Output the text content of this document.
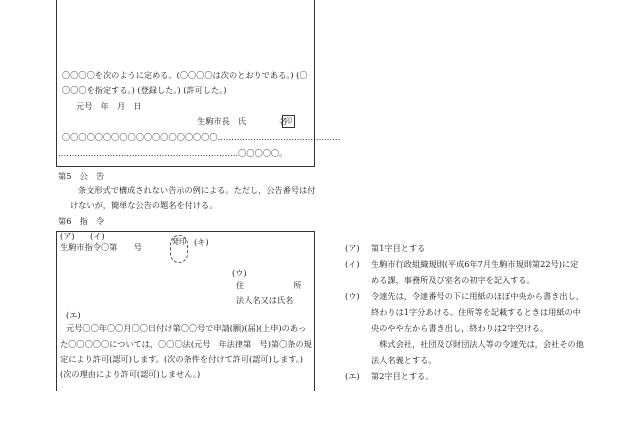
〇〇〇〇を次のように定める。(〇〇〇〇は次のとおりである。) (〇
〇〇〇を指定する。) (登録した。) (許可した。)
元号　年　月　日
生駒市長　氏　　　　名
印
〇〇〇〇〇〇〇〇〇〇〇〇〇〇〇〇〇〇〇………………………………………
…………………………………………………………〇〇〇〇〇。
第5　公　告
条文形式で構成されない告示の例による。ただし，公告番号は付
けないが，簡単な公告の題名を付ける。
第6　指　令
(ア) (イ)
生駒市指令〇第　　号
発印 (キ)
(ウ)
住　　　　　　所
法人名又は氏名
(エ)
元号〇〇年〇〇月〇〇日付け第〇〇号で申請(願)(届)(上申)のあっ
た〇〇〇〇〇については，〇〇〇法(元号　年法律第　号)第〇条の規
定により許可(認可)します。(次の条件を付けて許可(認可)します。)
(次の理由により許可(認可)しません。)
(ア) 第1字目とする
(イ) 生駒市行政組織規則(平成6年7月生駒市規則第22号)に定
める課，事務所及び室名の初字を記入する。
(ウ) 令達先は，令達番号の下に用紙のほぼ中央から書き出し，
終わりは1字分あける。住所等を記載するときは用紙の中
央のやや左から書き出し，終わりは2字空ける。
　株式会社，社団及び財団法人等の令達先は，会社その他
法人名義とする。
(エ) 第2字目とする。
